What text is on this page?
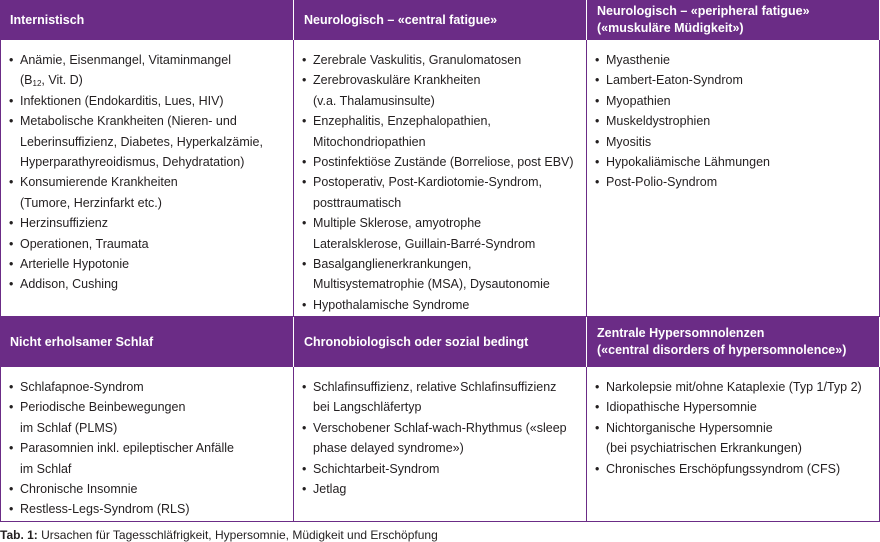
Internistisch	Neurologisch – «central fatigue»
Neurologisch – «peripheral fatigue»
(«muskuläre Müdigkeit»)
• Anämie, Eisenmangel, Vitaminmangel
($B_{12}$, Vit. D)
• Infektionen (Endokarditis, Lues, HIV)
• Metabolische Krankheiten (Nieren- und
Leberinsuffizienz, Diabetes, Hyperkalzämie,
Hyperparathyreoidismus, Dehydratation)
• Konsumierende Krankheiten
(Tumore, Herzinfarkt etc.)
• Herzinsuffizienz
• Operationen, Traumata
• Arterielle Hypotonie
• Addison, Cushing
• Zerebrale Vaskulitis, Granulomatosen
• Zerebrovaskuläre Krankheiten
(v.a. Thalamusinsulte)
• Enzephalitis, Enzephalopathien,
Mitochondriopathien
• Postinfektiöse Zustände (Borreliose, post EBV)
• Postoperativ, Post-Kardiotomie-Syndrom,
posttraumatisch
• Multiple Sklerose, amyotrophe
Lateralsklerose, Guillain-Barré-Syndrom
• Basalganglienerkrankungen,
Multisystematrophie (MSA), Dysautonomie
• Hypothalamische Syndrome
• Myasthenie
• Lambert-Eaton-Syndrom
• Myopathien
• Muskeldystrophien
• Myositis
• Hypokaliämische Lähmungen
• Post-Polio-Syndrom
Nicht erholsamer Schlaf	Chronobiologisch oder sozial bedingt
Zentrale Hypersomnolenzen
(«central disorders of hypersomnolence»)
• Schlafapnoe-Syndrom
• Periodische Beinbewegungen
im Schlaf (PLMS)
• Parasomnien inkl. epileptischer Anfälle
im Schlaf
• Chronische Insomnie
• Restless-Legs-Syndrom (RLS)
• Schlafinsuffizienz, relative Schlafinsuffizienz
bei Langschläfertyp
• Verschobener Schlaf-wach-Rhythmus («sleep
phase delayed syndrome»)
• Schichtarbeit-Syndrom
• Jetlag
• Narkolepsie mit/ohne Kataplexie (Typ 1/Typ 2)
• Idiopathische Hypersomnie
• Nichtorganische Hypersomnie
(bei psychiatrischen Erkrankungen)
• Chronisches Erschöpfungssyndrom (CFS)
Tab. 1: Ursachen für Tagesschläfrigkeit, Hypersomnie, Müdigkeit und Erschöpfung
